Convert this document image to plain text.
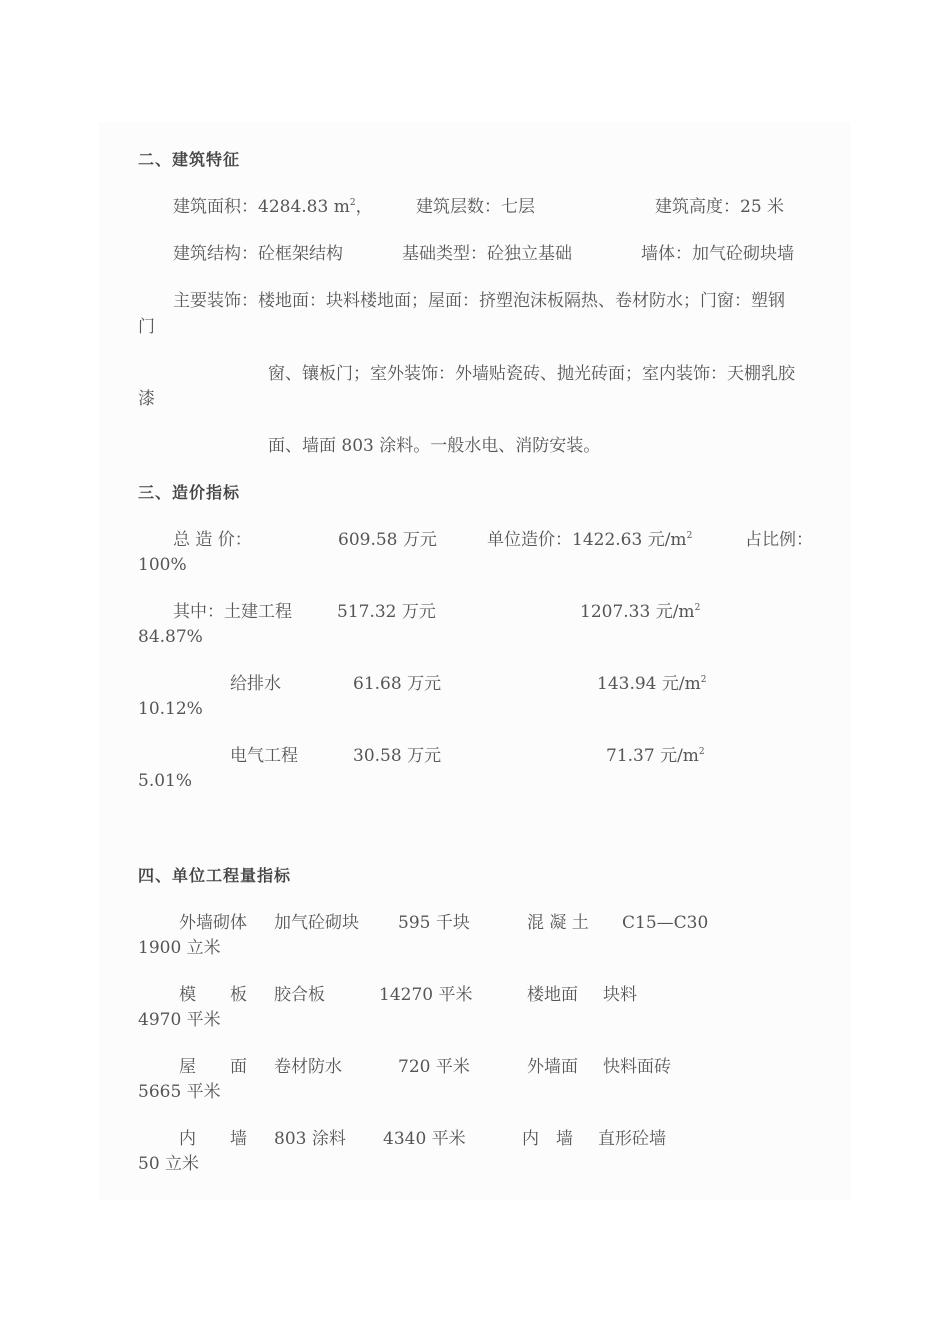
二、建筑特征
建筑面积：4284.83 $m^2$，	建筑层数：七层	建筑高度：25 米
建筑结构：砼框架结构	基础类型：砼独立基础	墙体：加气砼砌块墙
主要装饰：楼地面：块料楼地面；屋面：挤塑泡沫板隔热、卷材防水；门窗：塑钢
门
窗、镶板门；室外装饰：外墙贴瓷砖、抛光砖面；室内装饰：天棚乳胶
漆
面、墙面 803 涂料。一般水电、消防安装。
三、造价指标
总 造 价：	609.58 万元	单位造价：1422.63 元$/m^2$	占比例：
100%
其中：土建工程	517.32 万元	1207.33 元$/m^2$
84.87%
给排水	61.68 万元	143.94 元$/m^2$
10.12%
电气工程	30.58 万元	71.37 元$/m^2$
5.01%
四、单位工程量指标
外墙砌体 加气砼砌块 595 千块	混 凝 土 C15—C30
1900 立米
模　　板 胶合板	14270 平米	楼地面 块料
4970 平米
屋　　面 卷材防水	720 平米	外墙面 快料面砖
5665 平米
内　　墙 803 涂料 4340 平米	内　墙 直形砼墙
50 立米
